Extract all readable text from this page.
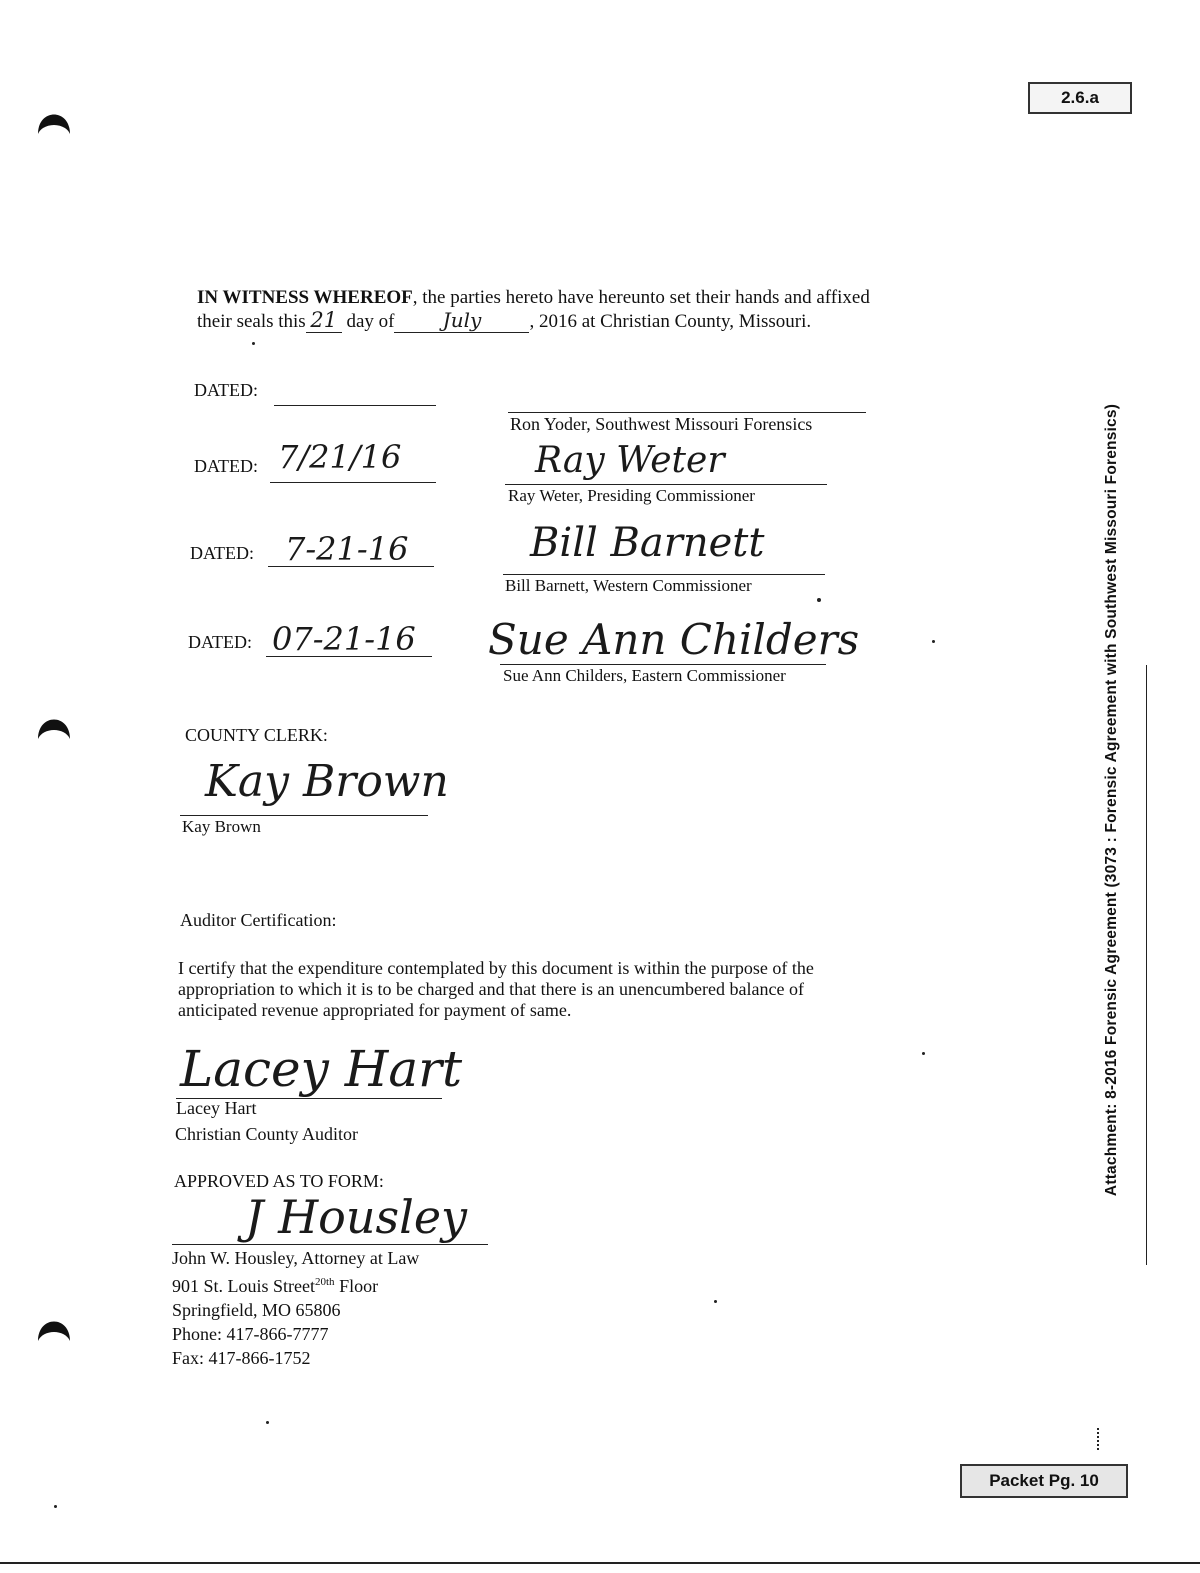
2.6.a
Attachment: 8-2016 Forensic Agreement (3073 : Forensic Agreement with Southwest Missouri Forensics)
IN WITNESS WHEREOF, the parties hereto have hereunto set their hands and affixed
their seals this 21 day of July	, 2016 at Christian County, Missouri.
DATED:
Ron Yoder, Southwest Missouri Forensics
DATED: 7/21/16	Ray Weter
Ray Weter, Presiding Commissioner
DATED: 7-21-16	Bill Barnett
Bill Barnett, Western Commissioner
DATED: 07-21-16 Sue Ann Childers
Sue Ann Childers, Eastern Commissioner
COUNTY CLERK:
Kay Brown
Kay Brown
Auditor Certification:
I certify that the expenditure contemplated by this document is within the purpose of the
appropriation to which it is to be charged and that there is an unencumbered balance of
anticipated revenue appropriated for payment of same.
Lacey Hart
Lacey Hart
Christian County Auditor
APPROVED AS TO FORM:
J Housley
John W. Housley, Attorney at Law
901 St. Louis Street$^{20th}$ Floor
Springfield, MO 65806
Phone: 417-866-7777
Fax: 417-866-1752
Packet Pg. 10
